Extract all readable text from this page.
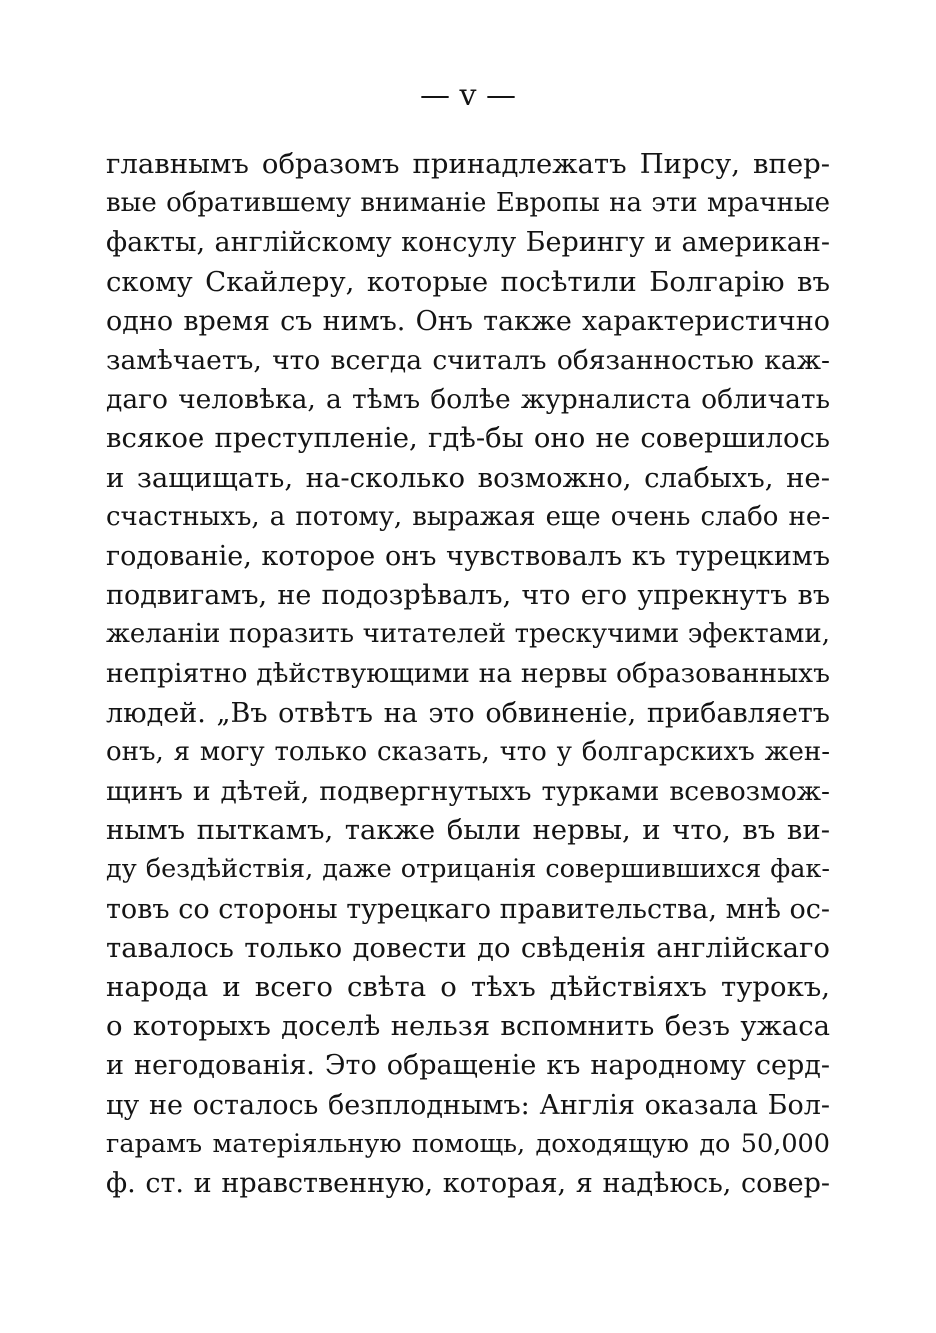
— v —
главнымъ образомъ принадлежатъ Пирсу, впер-
вые обратившему вниманіе Европы на эти мрачные
факты, англійскому консулу Берингу и американ-
скому Скайлеру, которые посѣтили Болгарію въ
одно время съ нимъ. Онъ также характеристично
замѣчаетъ, что всегда считалъ обязанностью каж-
даго человѣка, а тѣмъ болѣе журналиста обличать
всякое преступленіе, гдѣ-бы оно не совершилось
и защищать, на-сколько возможно, слабыхъ, не-
счастныхъ, а потому, выражая еще очень слабо не-
годованіе, которое онъ чувствовалъ къ турецкимъ
подвигамъ, не подозрѣвалъ, что его упрекнутъ въ
желаніи поразить читателей трескучими эфектами,
непріятно дѣйствующими на нервы образованныхъ
людей. „Въ отвѣтъ на это обвиненіе, прибавляетъ
онъ, я могу только сказать, что у болгарскихъ жен-
щинъ и дѣтей, подвергнутыхъ турками всевозмож-
нымъ пыткамъ, также были нервы, и что, въ ви-
ду бездѣйствія, даже отрицанія совершившихся фак-
товъ со стороны турецкаго правительства, мнѣ ос-
тавалось только довести до свѣденія англійскаго
народа и всего свѣта о тѣхъ дѣйствіяхъ турокъ,
о которыхъ доселѣ нельзя вспомнить безъ ужаса
и негодованія. Это обращеніе къ народному серд-
цу не осталось безплоднымъ: Англія оказала Бол-
гарамъ матеріяльную помощь, доходящую до 50,000
ф. ст. и нравственную, которая, я надѣюсь, совер-
